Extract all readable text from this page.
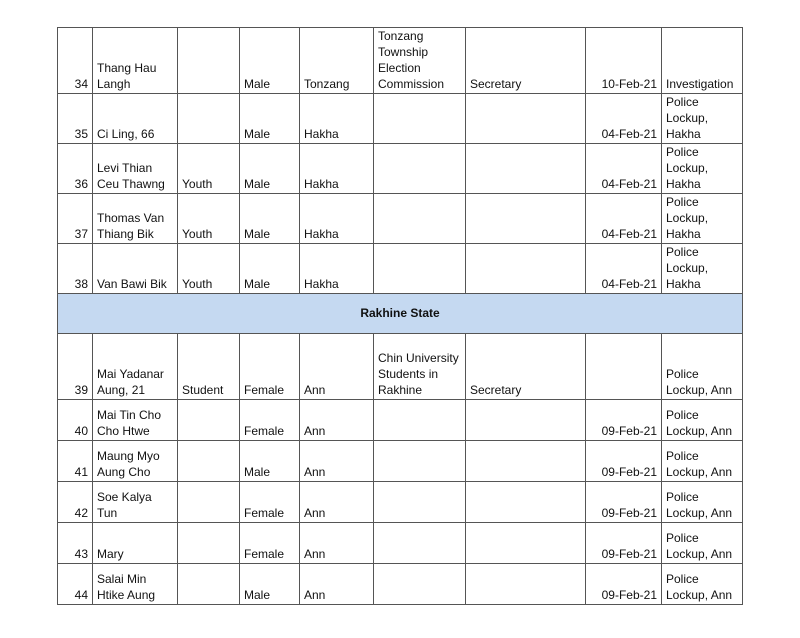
34	Thang Hau Langh		Male	Tonzang	Tonzang Township Election Commission	Secretary	10-Feb-21	Investigation
35	Ci Ling, 66		Male	Hakha			04-Feb-21	Police Lockup, Hakha
36	Levi Thian Ceu Thawng	Youth	Male	Hakha			04-Feb-21	Police Lockup, Hakha
37	Thomas Van Thiang Bik	Youth	Male	Hakha			04-Feb-21	Police Lockup, Hakha
38	Van Bawi Bik	Youth	Male	Hakha			04-Feb-21	Police Lockup, Hakha
Rakhine State								
39	Mai Yadanar Aung, 21	Student	Female	Ann	Chin University Students in Rakhine	Secretary		Police Lockup, Ann
40	Mai Tin Cho Cho Htwe		Female	Ann			09-Feb-21	Police Lockup, Ann
41	Maung Myo Aung Cho		Male	Ann			09-Feb-21	Police Lockup, Ann
42	Soe Kalya Tun		Female	Ann			09-Feb-21	Police Lockup, Ann
43	Mary		Female	Ann			09-Feb-21	Police Lockup, Ann
44	Salai Min Htike Aung		Male	Ann			09-Feb-21	Police Lockup, Ann
